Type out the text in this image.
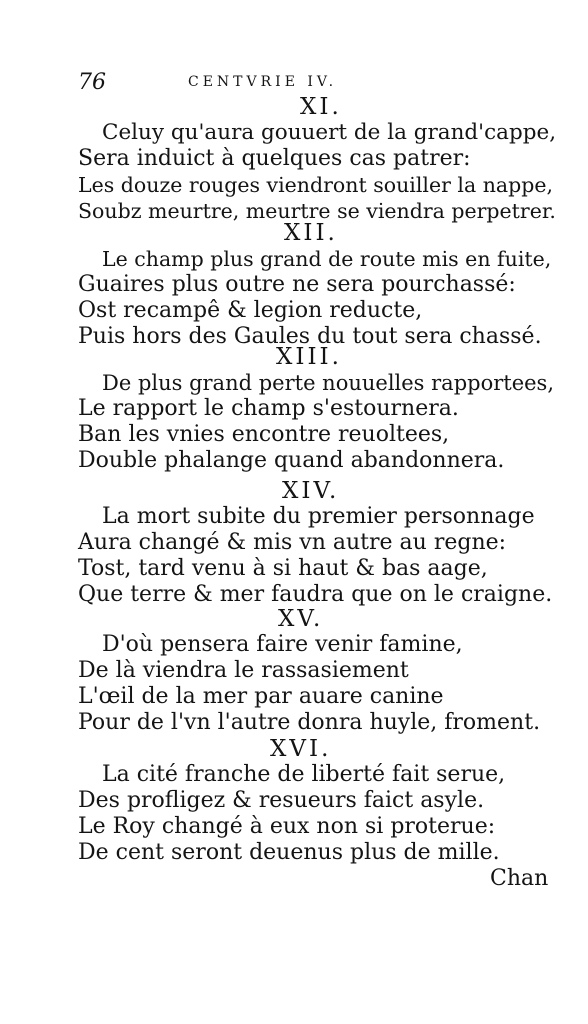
76	CENTVRIE IV.
XI.
Celuy qu'aura gouuert de la grand'cappe,
Sera induict à quelques cas patrer:
Les douze rouges viendront souiller la nappe,
Soubz meurtre, meurtre se viendra perpetrer.
XII.
Le champ plus grand de route mis en fuite,
Guaires plus outre ne sera pourchassé:
Ost recampê & legion reducte,
Puis hors des Gaules du tout sera chassé.
XIII.
De plus grand perte nouuelles rapportees,
Le rapport le champ s'estournera.
Ban les vnies encontre reuoltees,
Double phalange quand abandonnera.
XIV.
La mort subite du premier personnage
Aura changé & mis vn autre au regne:
Tost, tard venu à si haut & bas aage,
Que terre & mer faudra que on le craigne.
XV.
D'où pensera faire venir famine,
De là viendra le rassasiement
L'œil de la mer par auare canine
Pour de l'vn l'autre donra huyle, froment.
XVI.
La cité franche de liberté fait serue,
Des profligez & resueurs faict asyle.
Le Roy changé à eux non si proterue:
De cent seront deuenus plus de mille.
Chan
